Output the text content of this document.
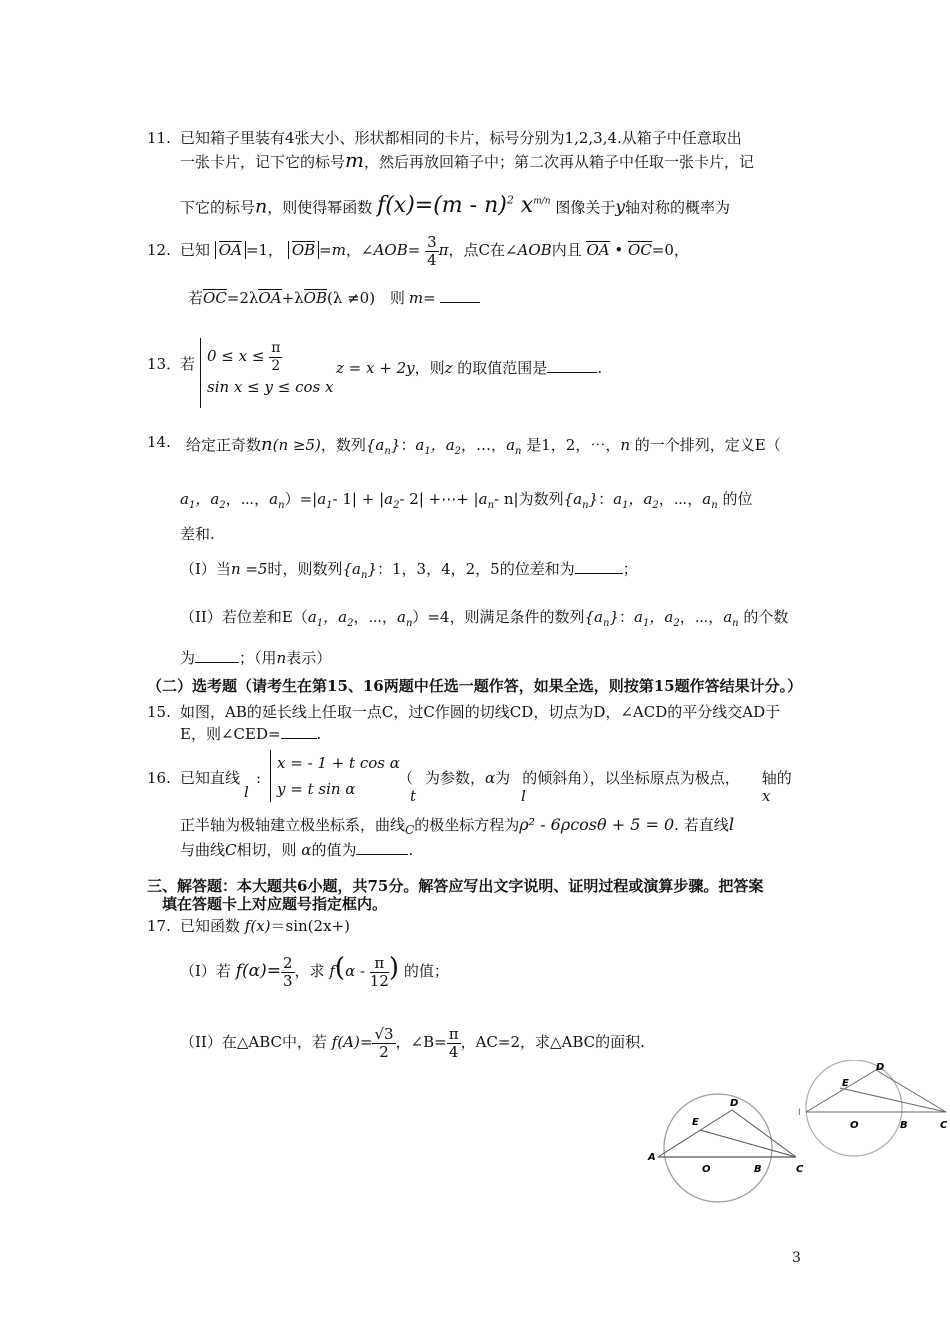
11. 已知箱子里装有4张大小、形状都相同的卡片，标号分别为1,2,3,4.从箱子中任意取出
一张卡片，记下它的标号m，然后再放回箱子中；第二次再从箱子中任取一张卡片，记
下它的标号n，则使得幂函数 f(x)=(m - n)$^2$ $x^{m/n}$ 图像关于y轴对称的概率为
12. 已知 OA =1， OB =m，∠AOB= $\frac{3}{4}$ π，点C在∠AOB内且 OA • OC=0，
若OC=2λOA+λOB(λ ≠0) 则 m=
13．
若 $0 \le x \le \frac{\pi}{2}$
sin x ≤ y ≤ cos x
z = x + 2y，则z 的取值范围是	.
14. 给定正奇数n(n ≥5)，数列$\{a_n\}$：$a_1$，$a_2$，…，$a_n$ 是1，2，⋯，n 的一个排列，定义E（
$a_1$，$a_2$，⋯，$a_n)=|a_1-$ $1| + |a_2-$ 2| +⋯+ $|a_n-$ n|为数列$\{a_n\}$：$a_1$，$a_2$，⋯，$a_n$ 的位
差和.
（I）当n =5时，则数列$\{a_n\}$：1，3，4，2，5的位差和为	；
（II）若位差和$E(a_1$，$a_2$，⋯，$a_n)=4$，则满足条件的数列$\{a_n\}$：$a_1$，$a_2$，⋯，$a_n$ 的个数
为	；（用n表示）
（二）选考题（请考生在第15、16两题中任选一题作答，如果全选，则按第15题作答结果计分。）
15. 如图，AB的延长线上任取一点C，过C作圆的切线CD，切点为D，∠ACD的平分线交AD于
E，则∠CED= .
16. 已知直线
l
:
x = - 1 + t cos α
y = t sin α
（ 为参数，α为 的倾斜角），以坐标原点为极点， 轴的
t	l	x
正半轴为极轴建立极坐标系，曲线$_C$的极坐标方程为ρ² - 6ρcosθ + 5 = 0. 若直线l
与曲线C相切，则 α的值为	.
三、解答题：本大题共6小题，共75分。解答应写出文字说明、证明过程或演算步骤。把答案
填在答题卡上对应题号指定框内。
17. 已知函数 f(x)＝sin(2x+)
（I）若 $f(\alpha)= \frac{2}{3}$ ，求 $f(\alpha - \frac{\pi}{12}$ ) 的值；
（II）在△ABC中，若 $f(A)= \frac{√3}{2}$ ，∠B= $\frac{\pi}{4}$ ，AC=2，求△ABC的面积.
A
O	B	C
D
E
I
O	B	C
D
E
3
